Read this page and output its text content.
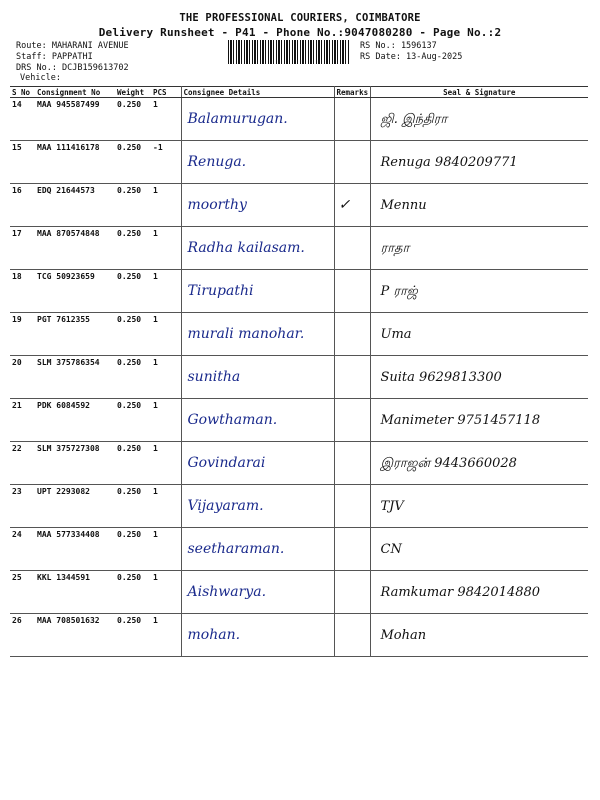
THE PROFESSIONAL COURIERS, COIMBATORE
Delivery Runsheet - P41 - Phone No.:9047080280 - Page No.:2
Route: MAHARANI AVENUE
Staff: PAPPATHI
DRS No.: DCJB159613702
Vehicle:
RS No.: 1596137
RS Date: 13-Aug-2025
S No	Consignment No	Weight	PCS	Consignee Details	Remarks	Seal & Signature
14	MAA 945587499	0.250	1	Balamurugan.		ஜி. இந்திரா
15	MAA 111416178	0.250	-1	Renuga.		Renuga 9840209771
16	EDQ 21644573	0.250	1	moorthy	✓	Mennu
17	MAA 870574848	0.250	1	Radha kailasam.		ராதா
18	TCG 50923659	0.250	1	Tirupathi		P ராஜ்
19	PGT 7612355	0.250	1	murali manohar.		Uma
20	SLM 375786354	0.250	1	sunitha		Suita 9629813300
21	PDK 6084592	0.250	1	Gowthaman.		Manimeter 9751457118
22	SLM 375727308	0.250	1	Govindarai		இராஜன் 9443660028
23	UPT 2293082	0.250	1	Vijayaram.		TJV
24	MAA 577334408	0.250	1	seetharaman.		CN
25	KKL 1344591	0.250	1	Aishwarya.		Ramkumar 9842014880
26	MAA 708501632	0.250	1	mohan.		Mohan
